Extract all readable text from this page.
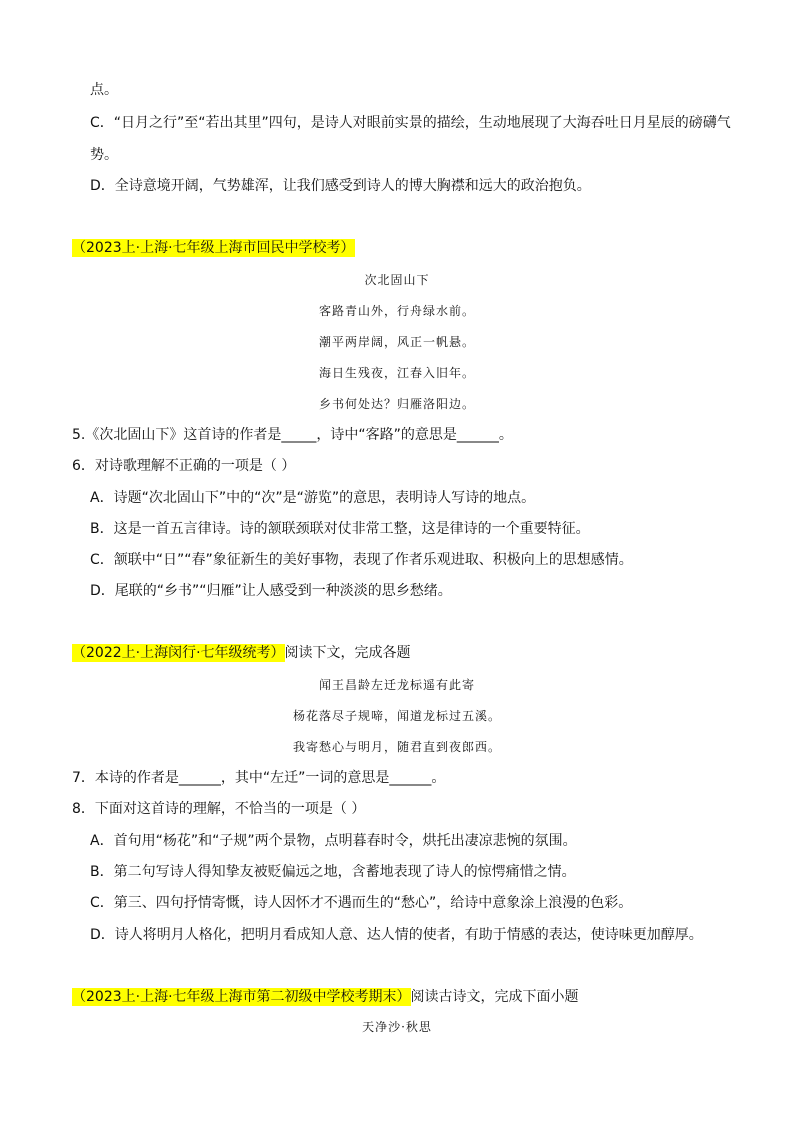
点。
C．“日月之行”至“若出其里”四句，是诗人对眼前实景的描绘，生动地展现了大海吞吐日月星辰的磅礴气
势。
D．全诗意境开阔，气势雄浑，让我们感受到诗人的博大胸襟和远大的政治抱负。
（2023上·上海·七年级上海市回民中学校考）
次北固山下
客路青山外，行舟绿水前。
潮平两岸阔，风正一帆悬。
海日生残夜，江春入旧年。
乡书何处达？归雁洛阳边。
5.《次北固山下》这首诗的作者是_____，诗中“客路”的意思是______。
6．对诗歌理解不正确的一项是（ ）
A．诗题“次北固山下”中的“次”是“游览”的意思，表明诗人写诗的地点。
B．这是一首五言律诗。诗的颔联颈联对仗非常工整，这是律诗的一个重要特征。
C．颔联中“日”“春”象征新生的美好事物，表现了作者乐观进取、积极向上的思想感情。
D．尾联的“乡书”“归雁”让人感受到一种淡淡的思乡愁绪。
（2022上·上海闵行·七年级统考）阅读下文，完成各题
闻王昌龄左迁龙标遥有此寄
杨花落尽子规啼，闻道龙标过五溪。
我寄愁心与明月，随君直到夜郎西。
7．本诗的作者是______，其中“左迁”一词的意思是______。
8．下面对这首诗的理解，不恰当的一项是（ ）
A．首句用“杨花”和“子规”两个景物，点明暮春时令，烘托出凄凉悲惋的氛围。
B．第二句写诗人得知挚友被贬偏远之地，含蓄地表现了诗人的惊愕痛惜之情。
C．第三、四句抒情寄慨，诗人因怀才不遇而生的“愁心”，给诗中意象涂上浪漫的色彩。
D．诗人将明月人格化，把明月看成知人意、达人情的使者，有助于情感的表达，使诗味更加醇厚。
（2023上·上海·七年级上海市第二初级中学校考期末）阅读古诗文，完成下面小题
天净沙·秋思
